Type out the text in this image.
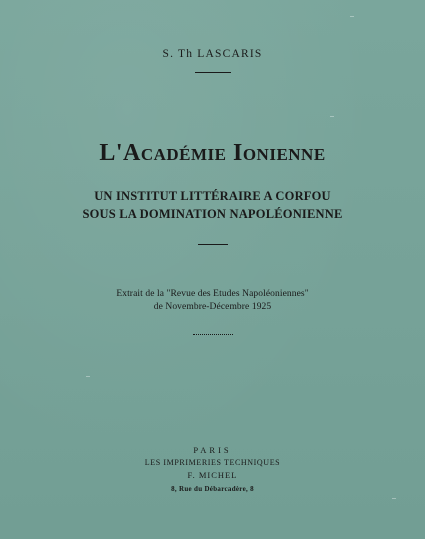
S. Th LASCARIS
L'Académie Ionienne
UN INSTITUT LITTÉRAIRE A CORFOU
SOUS LA DOMINATION NAPOLÉONIENNE
Extrait de la "Revue des Etudes Napoléoniennes"
de Novembre-Décembre 1925
PARIS
LES IMPRIMERIES TECHNIQUES
F. MICHEL
8, Rue du Débarcadère, 8
